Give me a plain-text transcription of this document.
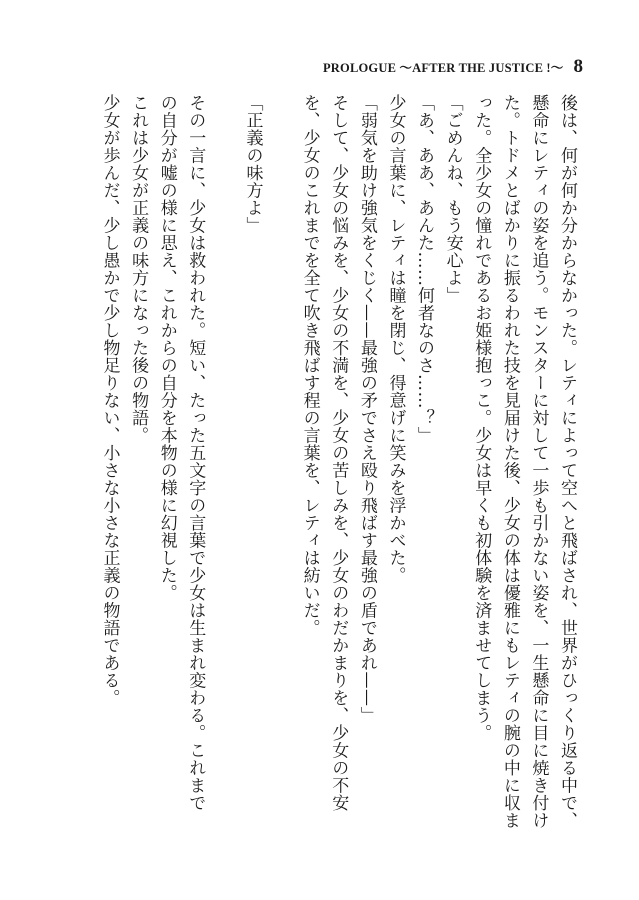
PROLOGUE 〜AFTER THE JUSTICE !〜 8
後は、何が何か分からなかった。レティによって空へと飛ばされ、世界がひっくり返る中で、
懸命にレティの姿を追う。モンスターに対して一歩も引かない姿を、一生懸命に目に焼き付け
た。トドメとばかりに振るわれた技を見届けた後、少女の体は優雅にもレティの腕の中に収ま
った。全少女の憧れであるお姫様抱っこ。少女は早くも初体験を済ませてしまう。
「ごめんね、もう安心よ」
「あ、ああ、あんた……何者なのさ……？」
少女の言葉に、レティは瞳を閉じ、得意げに笑みを浮かべた。
「弱気を助け強気をくじく——最強の矛でさえ殴り飛ばす最強の盾であれ——」
そして、少女の悩みを、少女の不満を、少女の苦しみを、少女のわだかまりを、少女の不安
を、少女のこれまでを全て吹き飛ばす程の言葉を、レティは紡いだ。

「正義の味方よ」

その一言に、少女は救われた。短い、たった五文字の言葉で少女は生まれ変わる。これまで
の自分が嘘の様に思え、これからの自分を本物の様に幻視した。
これは少女が正義の味方になった後の物語。
少女が歩んだ、少し愚かで少し物足りない、小さな小さな正義の物語である。
